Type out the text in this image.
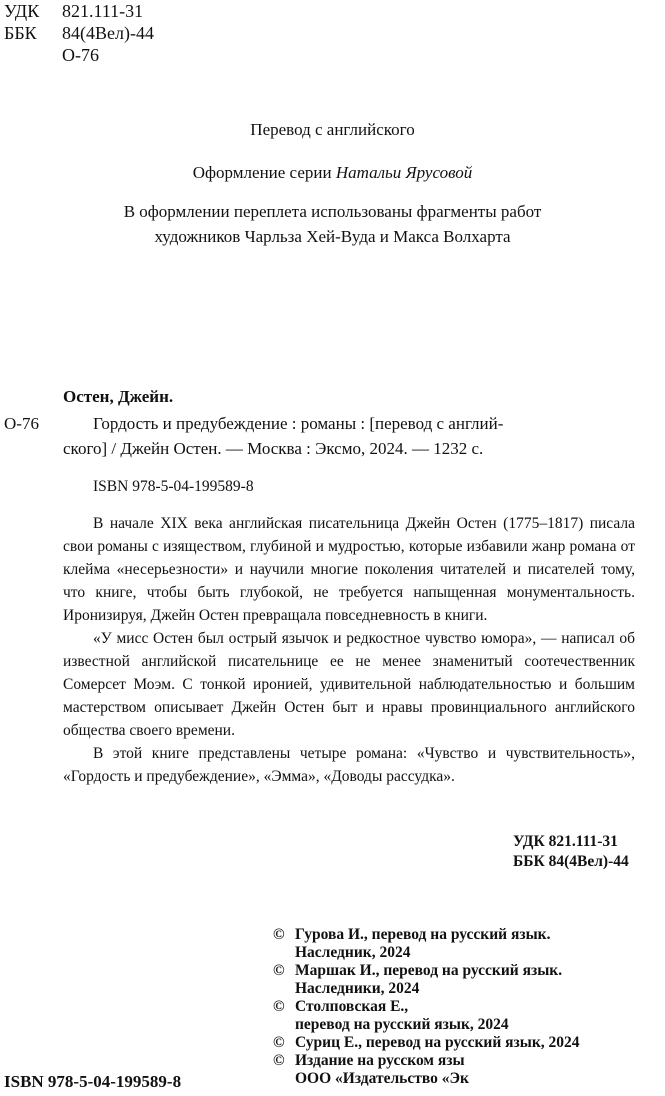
УДК 821.111-31
ББК 84(4Вел)-44
О-76
Перевод с английского
Оформление серии Натальи Ярусовой
В оформлении переплета использованы фрагменты работ
художников Чарльза Хей-Вуда и Макса Волхарта
Остен, Джейн.
О-76	Гордость и предубеждение : романы : [перевод с англий-
ского] / Джейн Остен. — Москва : Эксмо, 2024. — 1232 с.
ISBN 978-5-04-199589-8

В начале XIX века английская писательница Джейн Остен (1775–1817) писала свои романы с изяществом, глубиной и мудростью, которые избавили жанр романа от клейма «несерьезности» и научили многие поколения читателей и писателей тому, что книге, чтобы быть глубокой, не требуется напыщенная монументальность. Иронизируя, Джейн Остен превращала повседневность в книги.

«У мисс Остен был острый язычок и редкостное чувство юмора», — написал об известной английской писательнице ее не менее знаменитый соотечественник Сомерсет Моэм. С тонкой иронией, удивительной наблюдательностью и большим мастерством описывает Джейн Остен быт и нравы провинциального английского общества своего времени.

В этой книге представлены четыре романа: «Чувство и чувствительность», «Гордость и предубеждение», «Эмма», «Доводы рассудка».

УДК 821.111-31
ББК 84(4Вел)-44
© Гурова И., перевод на русский язык.
Наследник, 2024
© Маршак И., перевод на русский язык.
Наследники, 2024
© Столповская Е.,
перевод на русский язык, 2024
© Суриц Е., перевод на русский язык, 2024
© Издание на русском язы
ООО «Издательство «Эк
ISBN 978-5-04-199589-8
